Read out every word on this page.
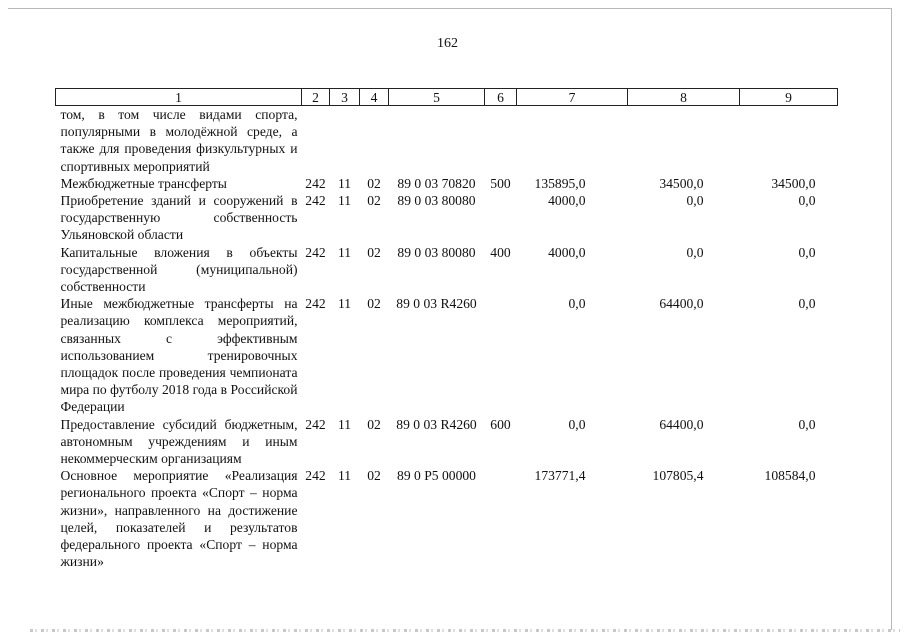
162
1	2	3	4	5	6	7	8	9
том, в том числе видами спорта, популярными в молодёжной среде, а также для проведения физкультурных и спортивных мероприятий								
Межбюджетные трансферты	242	11	02	89 0 03 70820	500	135895,0	34500,0	34500,0
Приобретение зданий и сооружений в государственную собственность Ульяновской области	242	11	02	89 0 03 80080		4000,0	0,0	0,0
Капитальные вложения в объекты государственной (муниципальной) собственности	242	11	02	89 0 03 80080	400	4000,0	0,0	0,0
Иные межбюджетные трансферты на реализацию комплекса мероприятий, связанных с эффективным использованием тренировочных площадок после проведения чемпионата мира по футболу 2018 года в Российской Федерации	242	11	02	89 0 03 R4260		0,0	64400,0	0,0
Предоставление субсидий бюджетным, автономным учреждениям и иным некоммерческим организациям	242	11	02	89 0 03 R4260	600	0,0	64400,0	0,0
Основное мероприятие «Реализация регионального проекта «Спорт – норма жизни», направленного на достижение целей, показателей и результатов федерального проекта «Спорт – норма жизни»	242	11	02	89 0 P5 00000		173771,4	107805,4	108584,0
